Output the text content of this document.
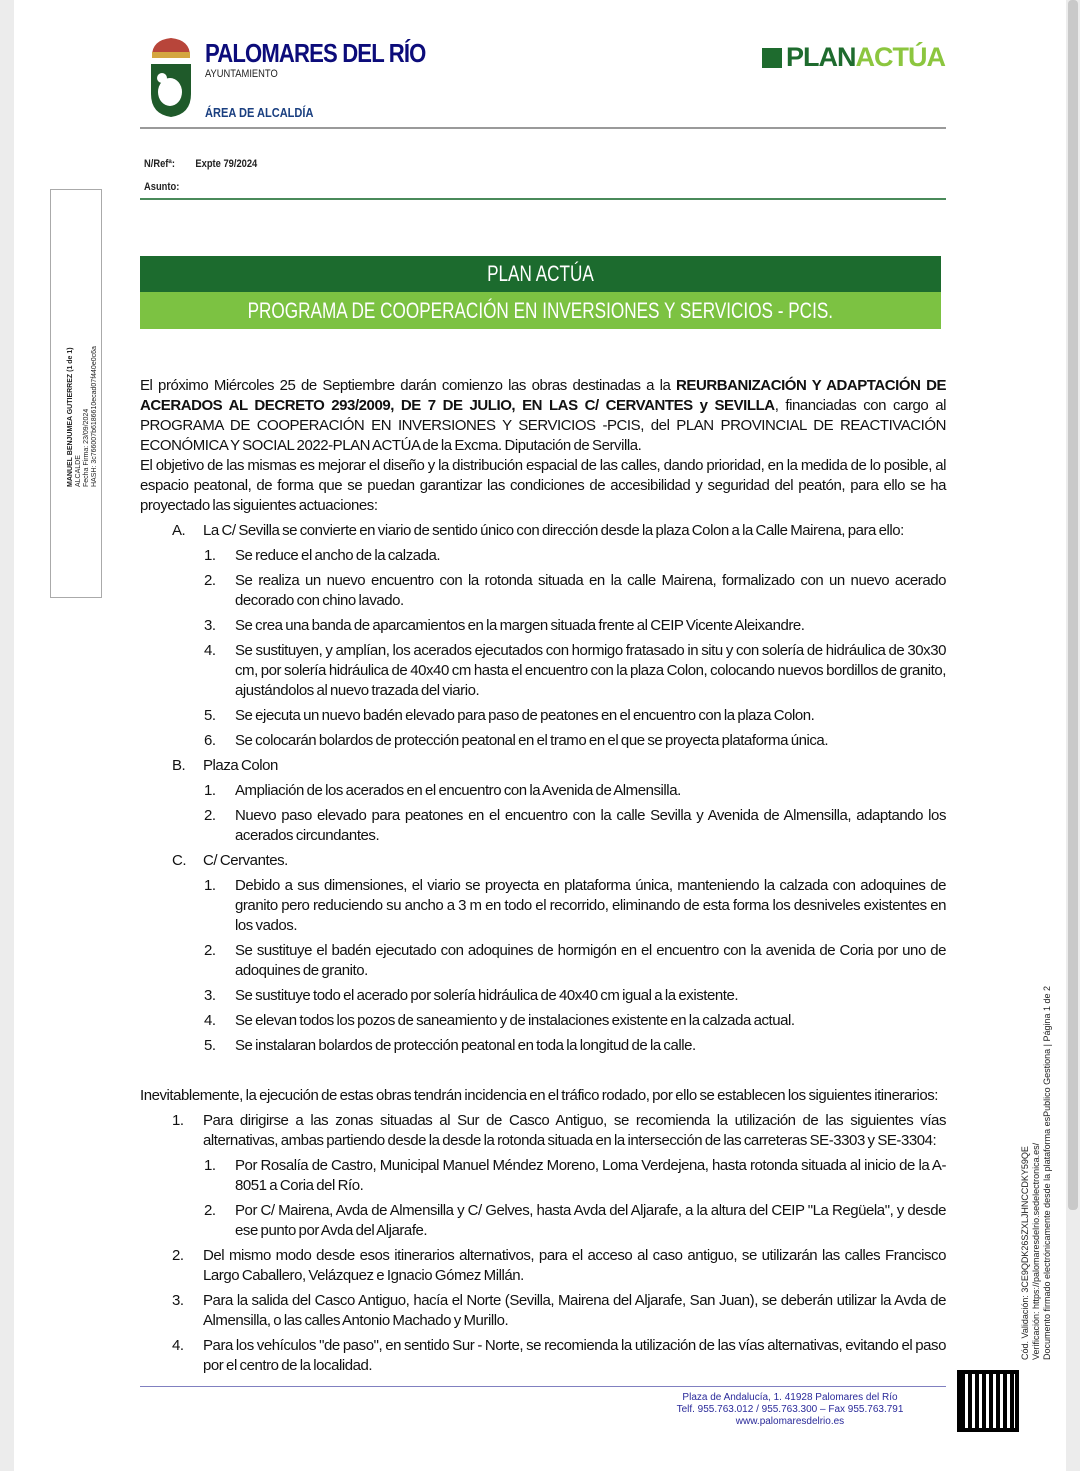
PALOMARES DEL RÍO
AYUNTAMIENTO
ÁREA DE ALCALDÍA
PLAN ACTÚA
N/Refª: Expte 79/2024
Asunto:
PLAN ACTÚA
PROGRAMA DE COOPERACIÓN EN INVERSIONES Y SERVICIOS - PCIS.

El próximo Miércoles 25 de Septiembre darán comienzo las obras destinadas a la REURBANIZACIÓN Y ADAPTACIÓN DE ACERADOS AL DECRETO 293/2009, DE 7 DE JULIO, EN LAS C/ CERVANTES y SEVILLA, financiadas con cargo al PROGRAMA DE COOPERACIÓN EN INVERSIONES Y SERVICIOS -PCIS, del PLAN PROVINCIAL DE REACTIVACIÓN ECONÓMICA Y SOCIAL 2022-PLAN ACTÚA de la Excma. Diputación de Servilla.

El objetivo de las mismas es mejorar el diseño y la distribución espacial de las calles, dando prioridad, en la medida de lo posible, al espacio peatonal, de forma que se puedan garantizar las condiciones de accesibilidad y seguridad del peatón, para ello se ha proyectado las siguientes actuaciones:

A. La C/ Sevilla se convierte en viario de sentido único con dirección desde la plaza Colon a la Calle Mairena, para ello:
1. Se reduce el ancho de la calzada.
2. Se realiza un nuevo encuentro con la rotonda situada en la calle Mairena, formalizado con un nuevo acerado decorado con chino lavado.
3. Se crea una banda de aparcamientos en la margen situada frente al CEIP Vicente Aleixandre.
4. Se sustituyen, y amplían, los acerados ejecutados con hormigo fratasado in situ y con solería de hidráulica de 30x30 cm, por solería hidráulica de 40x40 cm hasta el encuentro con la plaza Colon, colocando nuevos bordillos de granito, ajustándolos al nuevo trazada del viario.
5. Se ejecuta un nuevo badén elevado para paso de peatones en el encuentro con la plaza Colon.
6. Se colocarán bolardos de protección peatonal en el tramo en el que se proyecta plataforma única.
B. Plaza Colon
1. Ampliación de los acerados en el encuentro con la Avenida de Almensilla.
2. Nuevo paso elevado para peatones en el encuentro con la calle Sevilla y Avenida de Almensilla, adaptando los acerados circundantes.
C. C/ Cervantes.
1. Debido a sus dimensiones, el viario se proyecta en plataforma única, manteniendo la calzada con adoquines de granito pero reduciendo su ancho a 3 m en todo el recorrido, eliminando de esta forma los desniveles existentes en los vados.
2. Se sustituye el badén ejecutado con adoquines de hormigón en el encuentro con la avenida de Coria por uno de adoquines de granito.
3. Se sustituye todo el acerado por solería hidráulica de 40x40 cm igual a la existente.
4. Se elevan todos los pozos de saneamiento y de instalaciones existente en la calzada actual.
5. Se instalaran bolardos de protección peatonal en toda la longitud de la calle.

Inevitablemente, la ejecución de estas obras tendrán incidencia en el tráfico rodado, por ello se establecen los siguientes itinerarios:

1. Para dirigirse a las zonas situadas al Sur de Casco Antiguo, se recomienda la utilización de las siguientes vías alternativas, ambas partiendo desde la desde la rotonda situada en la intersección de las carreteras SE-3303 y SE-3304:
1. Por Rosalía de Castro, Municipal Manuel Méndez Moreno, Loma Verdejena, hasta rotonda situada al inicio de la A-8051 a Coria del Río.
2. Por C/ Mairena, Avda de Almensilla y C/ Gelves, hasta Avda del Aljarafe, a la altura del CEIP "La Regüela", y desde ese punto por Avda del Aljarafe.
2. Del mismo modo desde esos itinerarios alternativos, para el acceso al caso antiguo, se utilizarán las calles Francisco Largo Caballero, Velázquez e Ignacio Gómez Millán.
3. Para la salida del Casco Antiguo, hacía el Norte (Sevilla, Mairena del Aljarafe, San Juan), se deberán utilizar la Avda de Almensilla, o las calles Antonio Machado y Murillo.
4. Para los vehículos "de paso", en sentido Sur - Norte, se recomienda la utilización de las vías alternativas, evitando el paso por el centro de la localidad.
MANUEL BENJUMEA GUTIERREZ (1 de 1) ALCALDE Fecha Firma: 23/09/2024 HASH: 3c766007b6186610ecad07f440e0c6a
Cód. Validación: 3CE9QDK26SZXLJHNCCDKY59QE Verificación: https://palomaresdelrio.sedelectronica.es/ Documento firmado electrónicamente desde la plataforma esPublico Gestiona | Página 1 de 2
Plaza de Andalucía, 1. 41928 Palomares del Río
Telf. 955.763.012 / 955.763.300 – Fax 955.763.791
www.palomaresdelrio.es
